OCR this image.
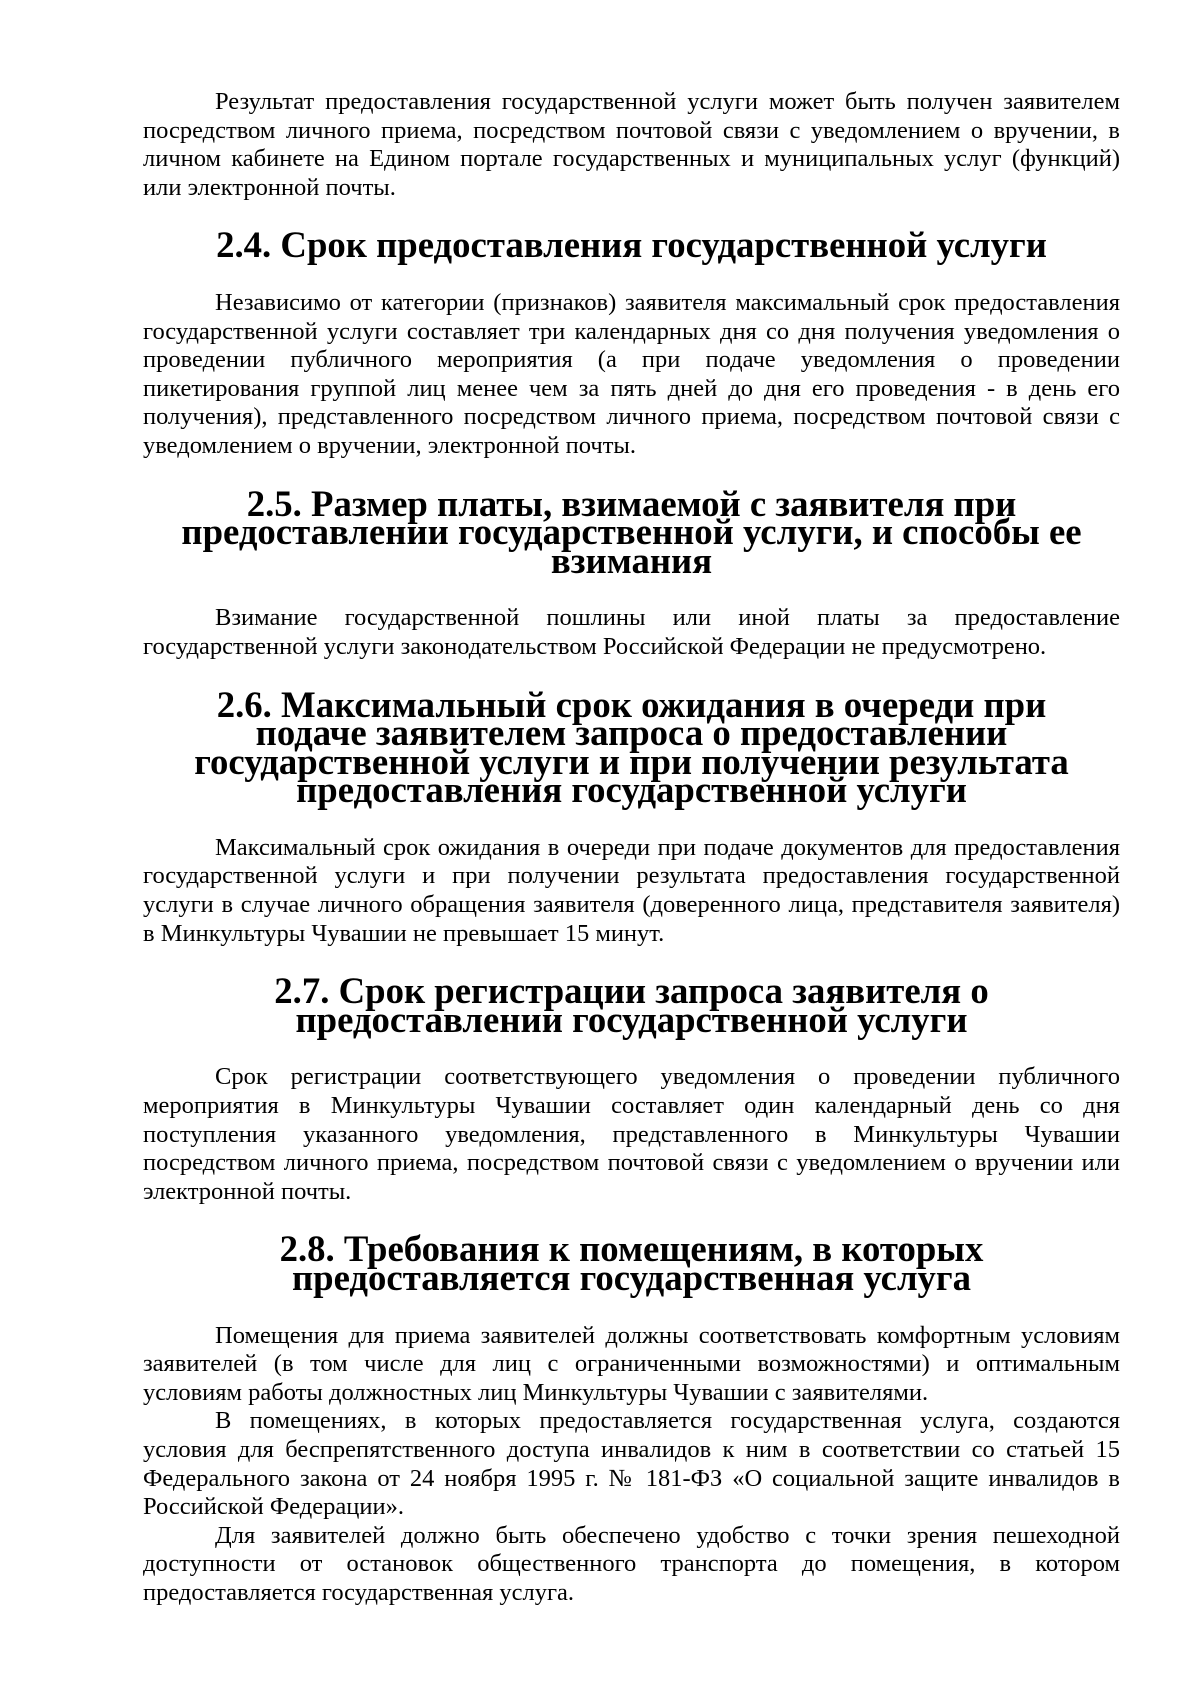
Результат предоставления государственной услуги может быть получен заявителем посредством личного приема, посредством почтовой связи с уведомлением о вручении, в личном кабинете на Едином портале государственных и муниципальных услуг (функций) или электронной почты.

2.4. Срок предоставления государственной услуги

Независимо от категории (признаков) заявителя максимальный срок предоставления государственной услуги составляет три календарных дня со дня получения уведомления о проведении публичного мероприятия (а при подаче уведомления о проведении пикетирования группой лиц менее чем за пять дней до дня его проведения - в день его получения), представленного посредством личного приема, посредством почтовой связи с уведомлением о вручении, электронной почты.

2.5. Размер платы, взимаемой с заявителя при предоставлении государственной услуги, и способы ее взимания

Взимание государственной пошлины или иной платы за предоставление государственной услуги законодательством Российской Федерации не предусмотрено.

2.6. Максимальный срок ожидания в очереди при подаче заявителем запроса о предоставлении государственной услуги и при получении результата предоставления государственной услуги

Максимальный срок ожидания в очереди при подаче документов для предоставления государственной услуги и при получении результата предоставления государственной услуги в случае личного обращения заявителя (доверенного лица, представителя заявителя) в Минкультуры Чувашии не превышает 15 минут.

2.7. Срок регистрации запроса заявителя о предоставлении государственной услуги

Срок регистрации соответствующего уведомления о проведении публичного мероприятия в Минкультуры Чувашии составляет один календарный день со дня поступления указанного уведомления, представленного в Минкультуры Чувашии посредством личного приема, посредством почтовой связи с уведомлением о вручении или электронной почты.

2.8. Требования к помещениям, в которых предоставляется государственная услуга

Помещения для приема заявителей должны соответствовать комфортным условиям заявителей (в том числе для лиц с ограниченными возможностями) и оптимальным условиям работы должностных лиц Минкультуры Чувашии с заявителями.

В помещениях, в которых предоставляется государственная услуга, создаются условия для беспрепятственного доступа инвалидов к ним в соответствии со статьей 15 Федерального закона от 24 ноября 1995 г. № 181-ФЗ «О социальной защите инвалидов в Российской Федерации».

Для заявителей должно быть обеспечено удобство с точки зрения пешеходной доступности от остановок общественного транспорта до помещения, в котором предоставляется государственная услуга.
